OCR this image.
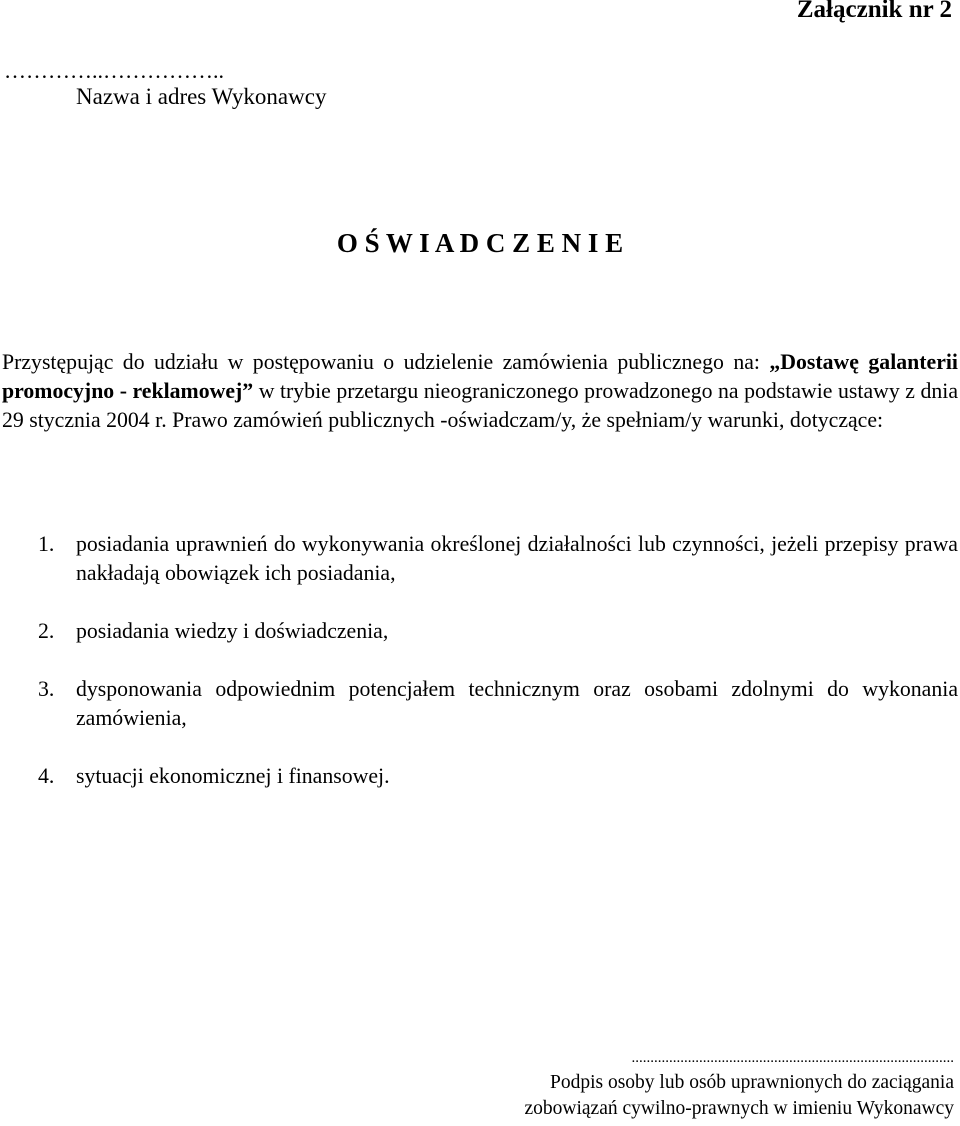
Załącznik nr 2
…………..……………..
Nazwa i adres Wykonawcy
O Ś W I A D C Z E N I E

Przystępując do udziału w postępowaniu o udzielenie zamówienia publicznego na: „Dostawę galanterii promocyjno - reklamowej” w trybie przetargu nieograniczonego prowadzonego na podstawie ustawy z dnia 29 stycznia 2004 r. Prawo zamówień publicznych -oświadczam/y, że spełniam/y warunki, dotyczące:

1. posiadania uprawnień do wykonywania określonej działalności lub czynności, jeżeli przepisy prawa nakładają obowiązek ich posiadania,
2. posiadania wiedzy i doświadczenia,
3. dysponowania odpowiednim potencjałem technicznym oraz osobami zdolnymi do wykonania zamówienia,
4. sytuacji ekonomicznej i finansowej.
......................................................................................
Podpis osoby lub osób uprawnionych do zaciągania
zobowiązań cywilno-prawnych w imieniu Wykonawcy
